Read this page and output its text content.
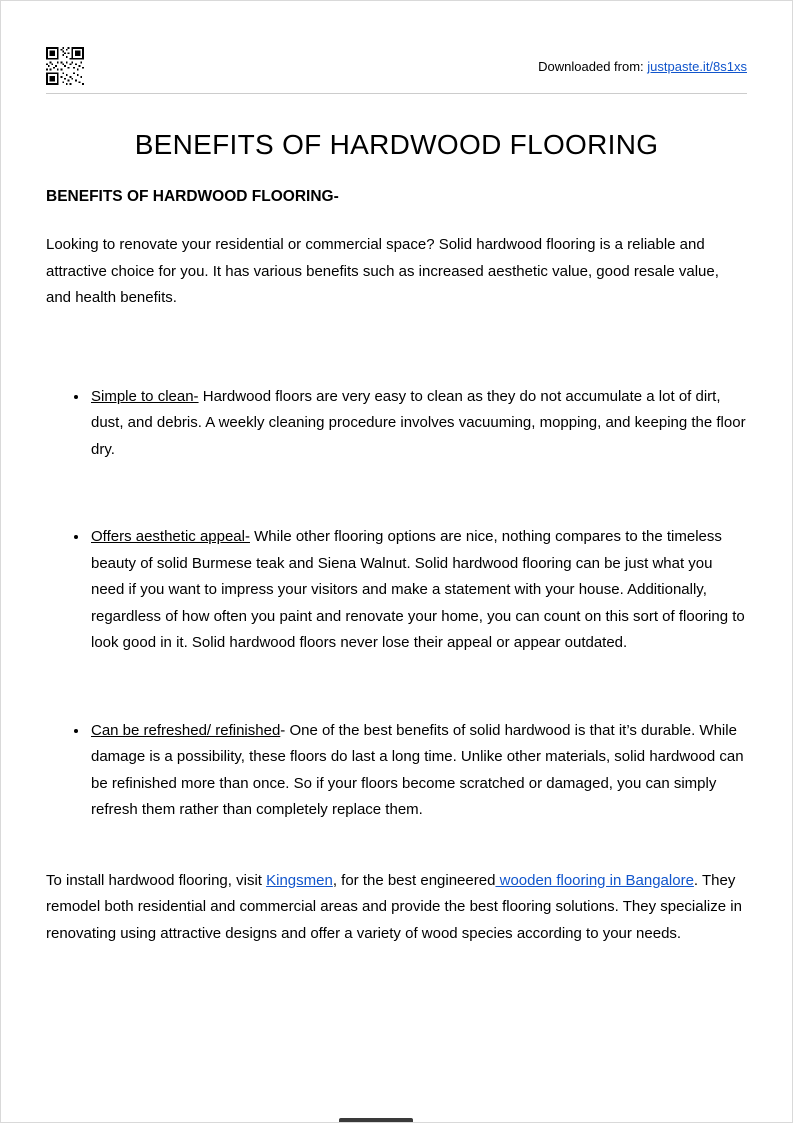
Downloaded from: justpaste.it/8s1xs
BENEFITS OF HARDWOOD FLOORING
BENEFITS OF HARDWOOD FLOORING-

Looking to renovate your residential or commercial space? Solid hardwood flooring is a reliable and attractive choice for you. It has various benefits such as increased aesthetic value, good resale value, and health benefits.

• Simple to clean- Hardwood floors are very easy to clean as they do not accumulate a lot of dirt, dust, and debris. A weekly cleaning procedure involves vacuuming, mopping, and keeping the floor dry.
• Offers aesthetic appeal- While other flooring options are nice, nothing compares to the timeless beauty of solid Burmese teak and Siena Walnut. Solid hardwood flooring can be just what you need if you want to impress your visitors and make a statement with your house. Additionally, regardless of how often you paint and renovate your home, you can count on this sort of flooring to look good in it. Solid hardwood floors never lose their appeal or appear outdated.
• Can be refreshed/ refinished- One of the best benefits of solid hardwood is that it’s durable. While damage is a possibility, these floors do last a long time. Unlike other materials, solid hardwood can be refinished more than once. So if your floors become scratched or damaged, you can simply refresh them rather than completely replace them.

To install hardwood flooring, visit Kingsmen, for the best engineered wooden flooring in Bangalore. They remodel both residential and commercial areas and provide the best flooring solutions. They specialize in renovating using attractive designs and offer a variety of wood species according to your needs.
